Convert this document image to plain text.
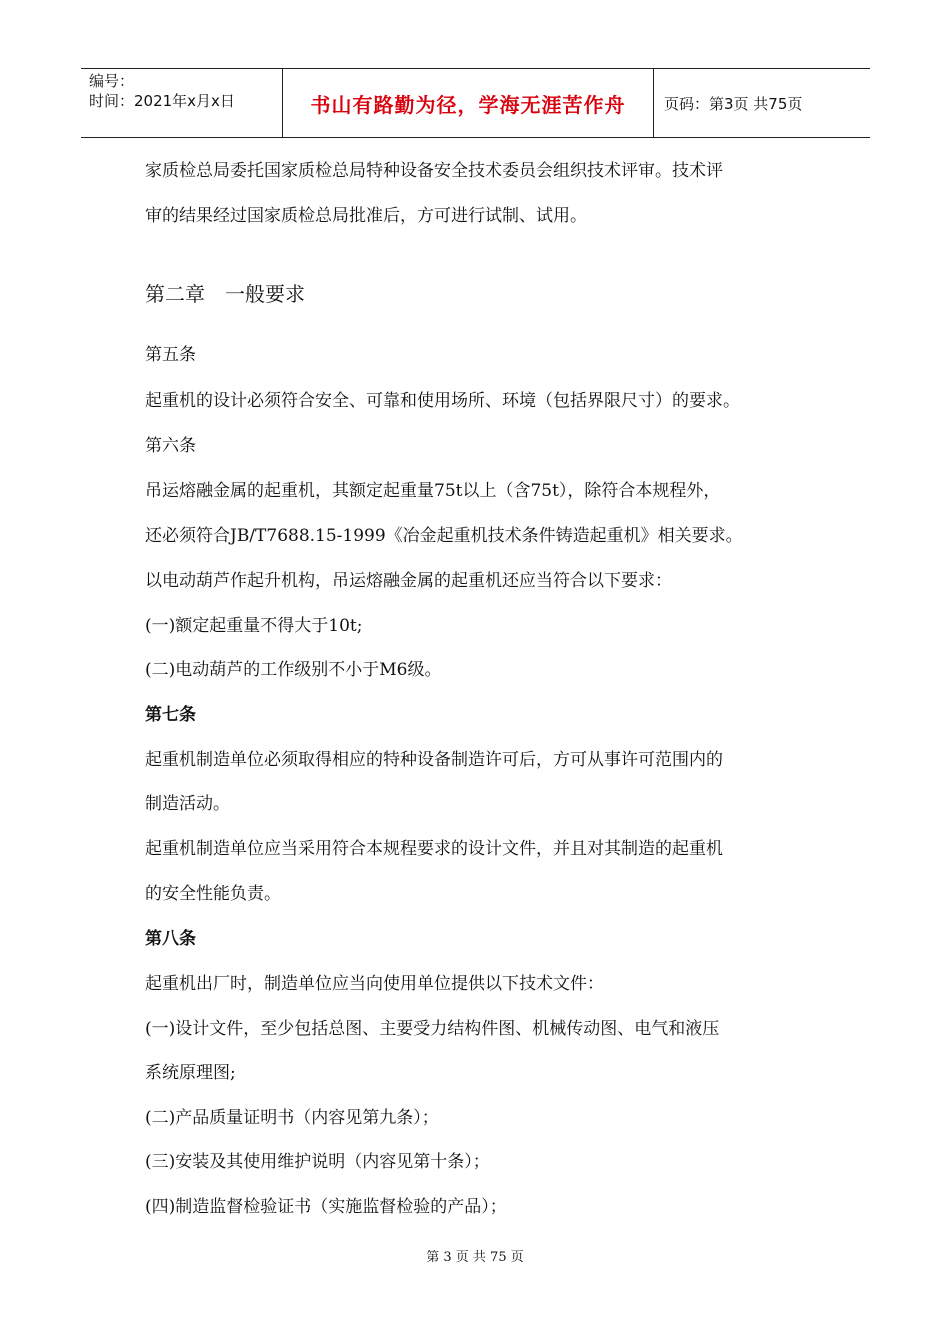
编号：
时间：2021年x月x日	书山有路勤为径，学海无涯苦作舟	页码：第3页 共75页
家质检总局委托国家质检总局特种设备安全技术委员会组织技术评审。技术评
审的结果经过国家质检总局批准后，方可进行试制、试用。
第二章　一般要求
第五条
起重机的设计必须符合安全、可靠和使用场所、环境（包括界限尺寸）的要求。
第六条
吊运熔融金属的起重机，其额定起重量75t以上（含75t），除符合本规程外，
还必须符合JB/T7688.15-1999《冶金起重机技术条件铸造起重机》相关要求。
以电动葫芦作起升机构，吊运熔融金属的起重机还应当符合以下要求：
(一)额定起重量不得大于10t;
(二)电动葫芦的工作级别不小于M6级。
第七条
起重机制造单位必须取得相应的特种设备制造许可后，方可从事许可范围内的
制造活动。
起重机制造单位应当采用符合本规程要求的设计文件，并且对其制造的起重机
的安全性能负责。
第八条
起重机出厂时，制造单位应当向使用单位提供以下技术文件：
(一)设计文件，至少包括总图、主要受力结构件图、机械传动图、电气和液压
系统原理图;
(二)产品质量证明书（内容见第九条）；
(三)安装及其使用维护说明（内容见第十条）；
(四)制造监督检验证书（实施监督检验的产品）；
第 3 页 共 75 页
